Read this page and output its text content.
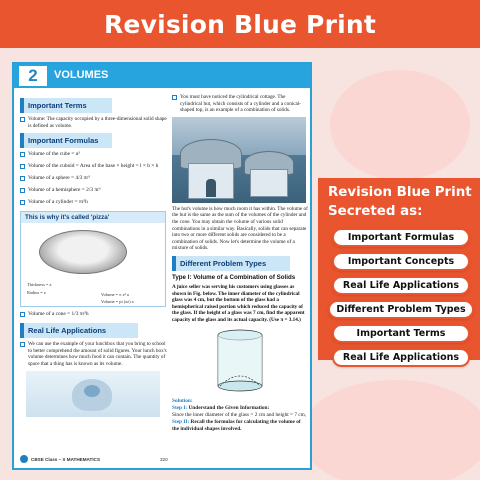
Revision Blue Print
2	VOLUMES
Important Terms
Volume: The capacity occupied by a three-dimensional solid shape is defined as volume.
Important Formulas
Volume of the cube = a³
Volume of the cuboid = Area of the base × height = l × b × h
Volume of a sphere = 4/3 πr³
Volume of a hemisphere = 2/3 πr³
Volume of a cylinder = πr²h
This is why it's called 'pizza'
Thickness = a
Radius = z	Volume = π z² a
Volume = pi (zz) a
Volume of a cone = 1/3 πr²h
Real Life Applications
We can use the example of your lunchbox that you bring to school to better comprehend the amount of solid figures. Your lunch box's volume determines how much food it can contain. The quantity of space that a thing has is known as its volume.
You must have noticed the cylindrical cottage. The cylindrical hut, which consists of a cylinder and a conical-shaped top, is an example of a combination of solids.
The hut's volume is how much room it has within. The volume of the hut is the same as the sum of the volumes of the cylinder and the cone. You may obtain the volume of various solid combinations in a similar way. Basically, solids that can separate into two or more different solids are considered to be a combination of solids. Now let's determine the volume of a mixture of solids.
Different Problem Types
Type I: Volume of a Combination of Solids
A juice seller was serving his customers using glasses as shown in Fig. below. The inner diameter of the cylindrical glass was 4 cm, but the bottom of the glass had a hemispherical raised portion which reduced the capacity of the glass. If the height of a glass was 7 cm, find the apparent capacity of the glass and its actual capacity. (Use π = 3.14.)
Solution:
Step I: Understand the Given Information:
Since the inner diameter of the glass = 2 cm and height = 7 cm,
Step II: Recall the formulas for calculating the volume of the individual shapes involved.
CBSE Class – X MATHEMATICS	320
Revision Blue Print
Secreted as:
Important Formulas
Important Concepts
Real Life Applications
Different Problem Types
Important Terms
Real Life Applications
